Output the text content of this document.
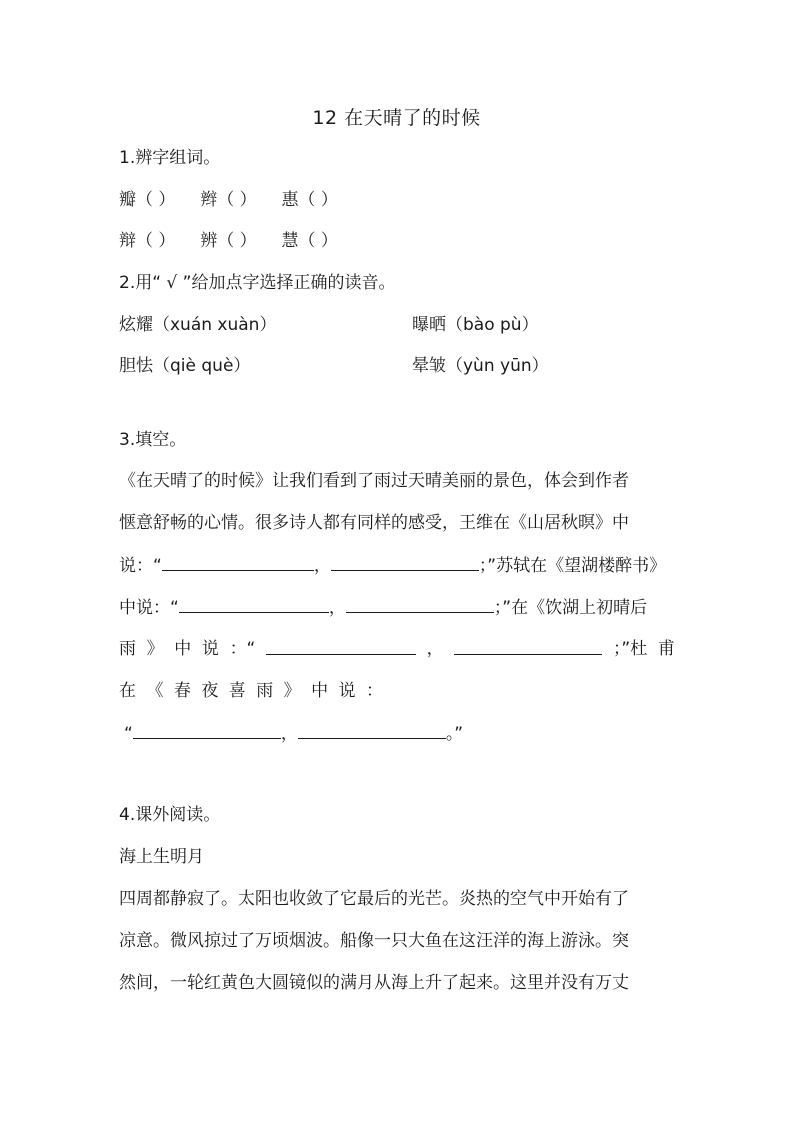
12 在天晴了的时候
1.辨字组词。
瓣（ ） 辫（ ） 惠（ ）
辩（ ） 辨（ ） 慧（ ）
2.用“ √ ”给加点字选择正确的读音。
炫耀（xuán xuàn）	曝晒（bào pù）
胆怯（qiè què）	晕皱（yùn yūn）
3.填空。
《在天晴了的时候》让我们看到了雨过天晴美丽的景色，体会到作者
惬意舒畅的心情。很多诗人都有同样的感受，王维在《山居秋暝》中
说：“	，	；”苏轼在《望湖楼醉书》
中说：“	，	；”在《饮湖上初晴后
雨 》 中 说 ：“	，	；”杜 甫
在 《 春 夜 喜 雨 》 中 说 ：
“	，	。”
4.课外阅读。
海上生明月
四周都静寂了。太阳也收敛了它最后的光芒。炎热的空气中开始有了
凉意。微风掠过了万顷烟波。船像一只大鱼在这汪洋的海上游泳。突
然间，一轮红黄色大圆镜似的满月从海上升了起来。这里并没有万丈
